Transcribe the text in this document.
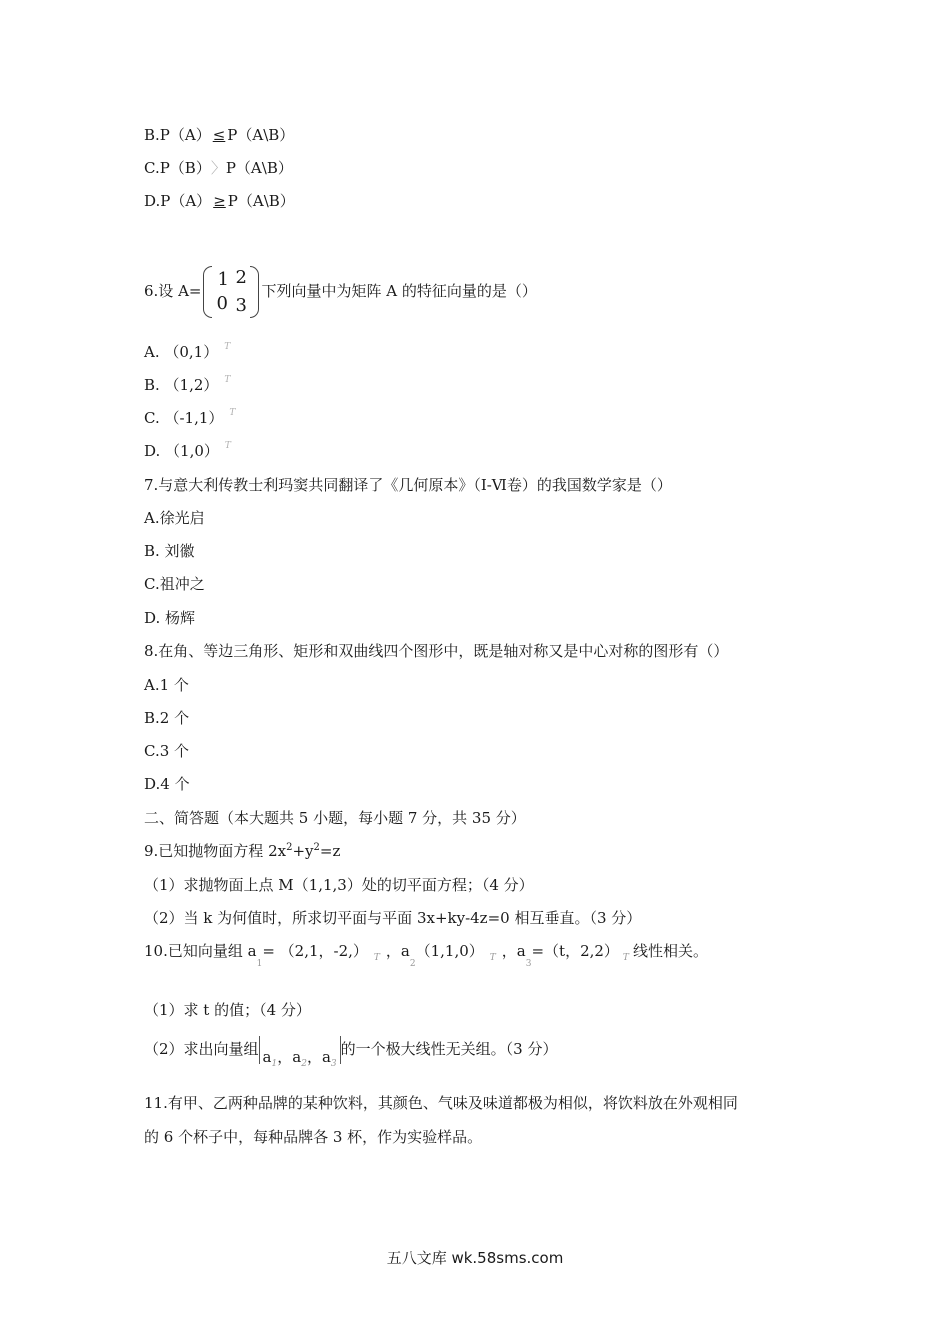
B.P（A） ≤ P（A\B）
C.P（B）〉P（A\B）
D.P（A） ≥ P（A\B）
6.设 A=
1 2
0 3
下列向量中为矩阵 A 的特征向量的是（）
A. （0,1） T
B. （1,2） T
C. （-1,1） T
D. （1,0） T
7.与意大利传教士利玛窦共同翻译了《几何原本》（Ⅰ-Ⅵ卷）的我国数学家是（）
A.徐光启
B. 刘徽
C.祖冲之
D. 杨辉
8.在角、等边三角形、矩形和双曲线四个图形中，既是轴对称又是中心对称的图形有（）
A.1 个
B.2 个
C.3 个
D.4 个
二、简答题（本大题共 5 小题，每小题 7 分，共 35 分）
9.已知抛物面方程 2x2+y2=z
（1）求抛物面上点 M（1,1,3）处的切平面方程；（4 分）
（2）当 k 为何值时，所求切平面与平面 3x+ky-4z=0 相互垂直。（3 分）
10.已知向量组 a1= （2,1，-2,） T ，a2（1,1,0） T ，a3=（t，2,2） T 线性相关。
（1）求 t 的值；（4 分）
（2）求出向量组 a1，a2，a3的一个极大线性无关组。（3 分）
11.有甲、乙两种品牌的某种饮料，其颜色、气味及味道都极为相似，将饮料放在外观相同
的 6 个杯子中，每种品牌各 3 杯，作为实验样品。
五八文库 wk.58sms.com
